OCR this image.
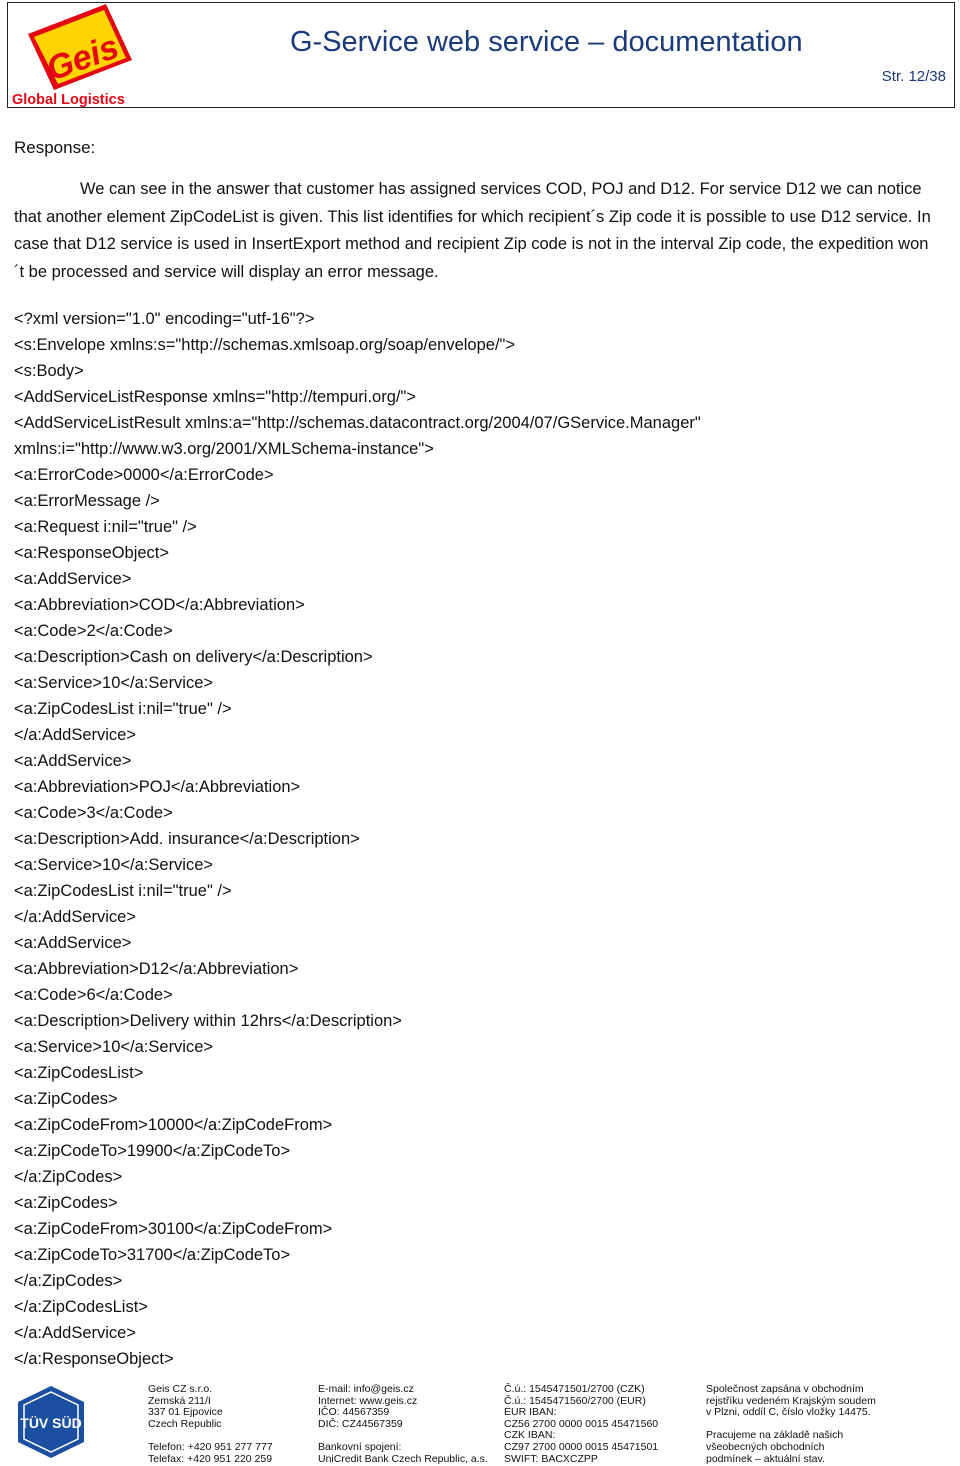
Geis
Global Logistics
G-Service web service – documentation
Str. 12/38
Response:
We can see in the answer that customer has assigned services COD, POJ and D12. For service D12 we can notice that another element ZipCodeList is given. This list identifies for which recipient´s Zip code it is possible to use D12 service. In case that D12 service is used in InsertExport method and recipient Zip code is not in the interval Zip code, the expedition won´t be processed and service will display an error message.
<?xml version="1.0" encoding="utf-16"?>
<s:Envelope xmlns:s="http://schemas.xmlsoap.org/soap/envelope/">
<s:Body>
<AddServiceListResponse xmlns="http://tempuri.org/">
<AddServiceListResult xmlns:a="http://schemas.datacontract.org/2004/07/GService.Manager"
xmlns:i="http://www.w3.org/2001/XMLSchema-instance">
<a:ErrorCode>0000</a:ErrorCode>
<a:ErrorMessage />
<a:Request i:nil="true" />
<a:ResponseObject>
<a:AddService>
<a:Abbreviation>COD</a:Abbreviation>
<a:Code>2</a:Code>
<a:Description>Cash on delivery</a:Description>
<a:Service>10</a:Service>
<a:ZipCodesList i:nil="true" />
</a:AddService>
<a:AddService>
<a:Abbreviation>POJ</a:Abbreviation>
<a:Code>3</a:Code>
<a:Description>Add. insurance</a:Description>
<a:Service>10</a:Service>
<a:ZipCodesList i:nil="true" />
</a:AddService>
<a:AddService>
<a:Abbreviation>D12</a:Abbreviation>
<a:Code>6</a:Code>
<a:Description>Delivery within 12hrs</a:Description>
<a:Service>10</a:Service>
<a:ZipCodesList>
<a:ZipCodes>
<a:ZipCodeFrom>10000</a:ZipCodeFrom>
<a:ZipCodeTo>19900</a:ZipCodeTo>
</a:ZipCodes>
<a:ZipCodes>
<a:ZipCodeFrom>30100</a:ZipCodeFrom>
<a:ZipCodeTo>31700</a:ZipCodeTo>
</a:ZipCodes>
</a:ZipCodesList>
</a:AddService>
</a:ResponseObject>
TÜV SÜD
Geis CZ s.r.o.
Zemská 211/I
337 01 Ejpovice
Czech Republic
Telefon: +420 951 277 777
Telefax: +420 951 220 259
E-mail: info@geis.cz
Internet: www.geis.cz
IČO: 44567359
DIČ: CZ44567359
Bankovní spojení:
UniCredit Bank Czech Republic, a.s.
Č.ú.: 1545471501/2700 (CZK)
Č.ú.: 1545471560/2700 (EUR)
EUR IBAN:
CZ56 2700 0000 0015 45471560
CZK IBAN:
CZ97 2700 0000 0015 45471501
SWIFT: BACXCZPP
Společnost zapsána v obchodním
rejstříku vedeném Krajským soudem
v Plzni, oddíl C, číslo vložky 14475.
Pracujeme na základě našich
všeobecných obchodních
podmínek – aktuální stav.
